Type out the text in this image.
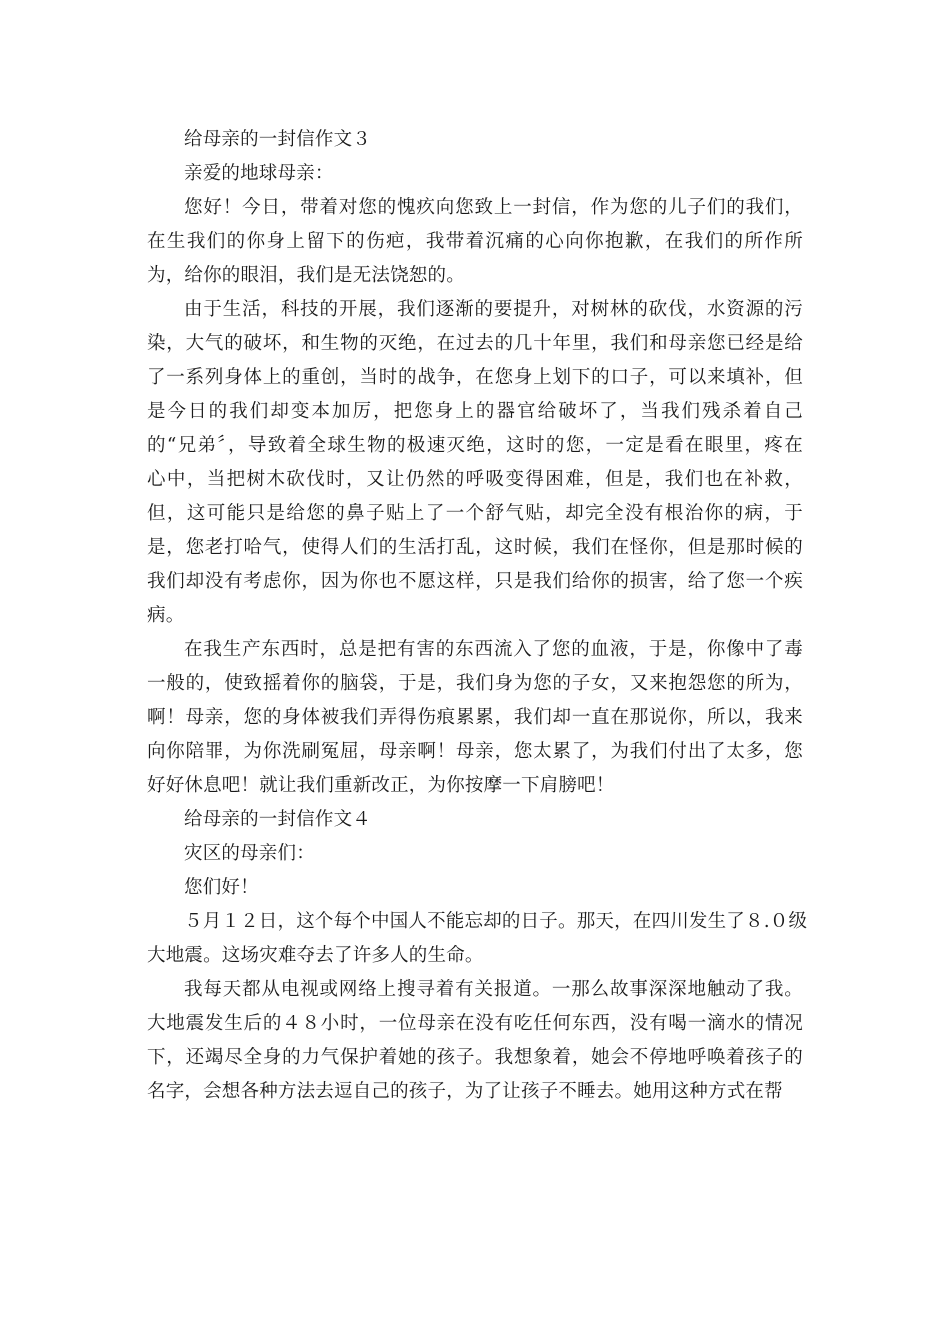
给母亲的一封信作文３
亲爱的地球母亲：
您好！今日，带着对您的愧疚向您致上一封信，作为您的儿子们的我们，
在生我们的你身上留下的伤疤，我带着沉痛的心向你抱歉，在我们的所作所
为，给你的眼泪，我们是无法饶恕的。
由于生活，科技的开展，我们逐渐的要提升，对树林的砍伐，水资源的污
染，大气的破坏，和生物的灭绝，在过去的几十年里，我们和母亲您已经是给
了一系列身体上的重创，当时的战争，在您身上划下的口子，可以来填补，但
是今日的我们却变本加厉，把您身上的器官给破坏了，当我们残杀着自己
的“兄弟〞，导致着全球生物的极速灭绝，这时的您，一定是看在眼里，疼在
心中，当把树木砍伐时，又让仍然的呼吸变得困难，但是，我们也在补救，
但，这可能只是给您的鼻子贴上了一个舒气贴，却完全没有根治你的病，于
是，您老打哈气，使得人们的生活打乱，这时候，我们在怪你，但是那时候的
我们却没有考虑你，因为你也不愿这样，只是我们给你的损害，给了您一个疾
病。
在我生产东西时，总是把有害的东西流入了您的血液，于是，你像中了毒
一般的，使致摇着你的脑袋，于是，我们身为您的子女，又来抱怨您的所为，
啊！母亲，您的身体被我们弄得伤痕累累，我们却一直在那说你，所以，我来
向你陪罪，为你洗刷冤屈，母亲啊！母亲，您太累了，为我们付出了太多，您
好好休息吧！就让我们重新改正，为你按摩一下肩膀吧！
给母亲的一封信作文４
灾区的母亲们：
您们好！
５月１２日，这个每个中国人不能忘却的日子。那天，在四川发生了８.０级
大地震。这场灾难夺去了许多人的生命。
我每天都从电视或网络上搜寻着有关报道。一那么故事深深地触动了我。
大地震发生后的４８小时，一位母亲在没有吃任何东西，没有喝一滴水的情况
下，还竭尽全身的力气保护着她的孩子。我想象着，她会不停地呼唤着孩子的
名字，会想各种方法去逗自己的孩子，为了让孩子不睡去。她用这种方式在帮
